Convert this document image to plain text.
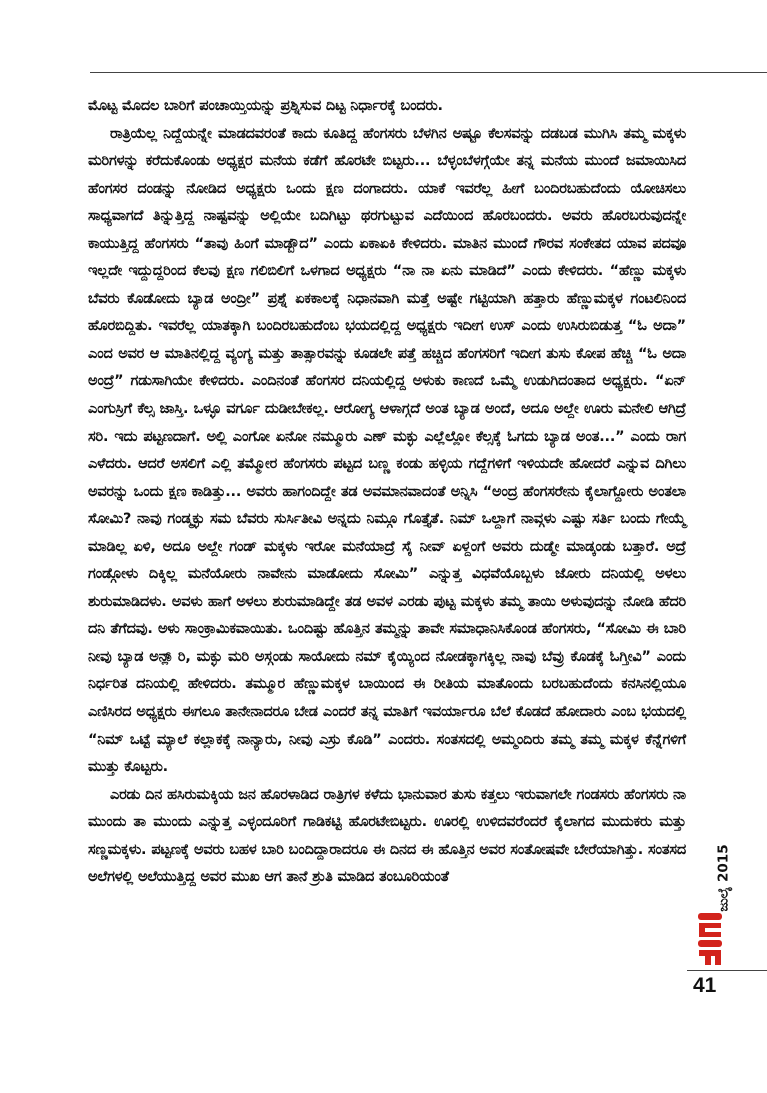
ಮೊಟ್ಟ ಮೊದಲ ಬಾರಿಗೆ ಪಂಚಾಯ್ತಿಯನ್ನು ಪ್ರಶ್ನಿಸುವ ದಿಟ್ಟ ನಿರ್ಧಾರಕ್ಕೆ ಬಂದರು.

ರಾತ್ರಿಯೆಲ್ಲ ನಿದ್ದೆಯನ್ನೇ ಮಾಡದವರಂತೆ ಕಾದು ಕೂತಿದ್ದ ಹೆಂಗಸರು ಬೆಳಗಿನ ಅಷ್ಟೂ ಕೆಲಸವನ್ನು ದಡಬಡ ಮುಗಿಸಿ ತಮ್ಮ ಮಕ್ಕಳು ಮರಿಗಳನ್ನು ಕರೆದುಕೊಂಡು ಅಧ್ಯಕ್ಷರ ಮನೆಯ ಕಡೆಗೆ ಹೊರಟೇ ಬಿಟ್ಟರು... ಬೆಳ್ಳಂಬೆಳಗ್ಗೆಯೇ ತನ್ನ ಮನೆಯ ಮುಂದೆ ಜಮಾಯಿಸಿದ ಹೆಂಗಸರ ದಂಡನ್ನು ನೋಡಿದ ಅಧ್ಯಕ್ಷರು ಒಂದು ಕ್ಷಣ ದಂಗಾದರು. ಯಾಕೆ ಇವರೆಲ್ಲ ಹೀಗೆ ಬಂದಿರಬಹುದೆಂದು ಯೋಚಿಸಲು ಸಾಧ್ಯವಾಗದೆ ತಿನ್ನುತ್ತಿದ್ದ ನಾಷ್ಟವನ್ನು ಅಲ್ಲಿಯೇ ಬದಿಗಿಟ್ಟು ಥರಗುಟ್ಟುವ ಎದೆಯಿಂದ ಹೊರಬಂದರು. ಅವರು ಹೊರಬರುವುದನ್ನೇ ಕಾಯುತ್ತಿದ್ದ ಹೆಂಗಸರು “ತಾವು ಹಿಂಗೆ ಮಾಡ್ಬೌದ” ಎಂದು ಏಕಾಏಕಿ ಕೇಳಿದರು. ಮಾತಿನ ಮುಂದೆ ಗೌರವ ಸಂಕೇತದ ಯಾವ ಪದವೂ ಇಲ್ಲದೇ ಇದ್ದುದ್ದರಿಂದ ಕೆಲವು ಕ್ಷಣ ಗಲಿಬಿಲಿಗೆ ಒಳಗಾದ ಅಧ್ಯಕ್ಷರು “ನಾ ನಾ ಏನು ಮಾಡಿದೆ” ಎಂದು ಕೇಳಿದರು. “ಹೆಣ್ಣು ಮಕ್ಕಳು ಬೆವರು ಕೊಡೋದು ಬ್ಯಾಡ ಅಂದ್ರೀ” ಪ್ರಶ್ನೆ ಏಕಕಾಲಕ್ಕೆ ನಿಧಾನವಾಗಿ ಮತ್ತೆ ಅಷ್ಟೇ ಗಟ್ಟಿಯಾಗಿ ಹತ್ತಾರು ಹೆಣ್ಣುಮಕ್ಕಳ ಗಂಟಲಿನಿಂದ ಹೊರಬಿದ್ದಿತು. ಇವರೆಲ್ಲ ಯಾತಕ್ಕಾಗಿ ಬಂದಿರಬಹುದೆಂಬ ಭಯದಲ್ಲಿದ್ದ ಅಧ್ಯಕ್ಷರು ಇದೀಗ ಉಸ್ ಎಂದು ಉಸಿರುಬಿಡುತ್ತ “ಓ ಅದಾ” ಎಂದ ಅವರ ಆ ಮಾತಿನಲ್ಲಿದ್ದ ವ್ಯಂಗ್ಯ ಮತ್ತು ತಾತ್ಸಾರವನ್ನು ಕೂಡಲೇ ಪತ್ತೆ ಹಚ್ಚಿದ ಹೆಂಗಸರಿಗೆ ಇದೀಗ ತುಸು ಕೋಪ ಹೆಚ್ಚಿ “ಓ ಅದಾ ಅಂದ್ರೆ” ಗಡುಸಾಗಿಯೇ ಕೇಳಿದರು. ಎಂದಿನಂತೆ ಹೆಂಗಸರ ದನಿಯಲ್ಲಿದ್ದ ಅಳುಕು ಕಾಣದೆ ಒಮ್ಮೆ ಉಡುಗಿದಂತಾದ ಅಧ್ಯಕ್ಷರು. “ಏನ್ ಎಂಗುಸ್ರಿಗೆ ಕೆಲ್ಸ ಜಾಸ್ತಿ. ಒಳ್ಳೂ ವರ್ಗೂ ದುಡೀಬೇಕಲ್ಲ. ಆರೋಗ್ಯ ಆಳಾಗ್ಗದೆ ಅಂತ ಬ್ಯಾಡ ಅಂದೆ, ಅದೂ ಅಲ್ದೇ ಊರು ಮನೇಲಿ ಆಗಿದ್ರೆ ಸರಿ. ಇದು ಪಟ್ಟಣದಾಗೆ. ಅಲ್ಲಿ ಎಂಗೋ ಏನೋ ನಮ್ಮೂರು ಎಣ್ ಮಕ್ಳು ಎಲ್ಲೆಲ್ಲೋ ಕೆಲ್ಸಕ್ಕೆ ಓಗದು ಬ್ಯಾಡ ಅಂತ...” ಎಂದು ರಾಗ ಎಳೆದರು. ಆದರೆ ಅಸಲಿಗೆ ಎಲ್ಲಿ ತಮ್ಮೋರ ಹೆಂಗಸರು ಪಟ್ಟದ ಬಣ್ಣ ಕಂಡು ಹಳ್ಳಿಯ ಗದ್ದೆಗಳಿಗೆ ಇಳಿಯದೇ ಹೋದರೆ ಎನ್ನುವ ದಿಗಿಲು ಅವರನ್ನು ಒಂದು ಕ್ಷಣ ಕಾಡಿತ್ತು... ಅವರು ಹಾಗಂದಿದ್ದೇ ತಡ ಅವಮಾನವಾದಂತೆ ಅನ್ನಿಸಿ “ಅಂದ್ರ ಹೆಂಗಸರೇನು ಕೈಲಾಗ್ದೋರು ಅಂತಲಾ ಸೋಮಿ? ನಾವು ಗಂಡ್ಮಕ್ಳು ಸಮ ಬೆವರು ಸುರ್ಸಿತೀವಿ ಅನ್ನದು ನಿಮ್ಗೂ ಗೊತ್ತೈತೆ. ನಿಮ್ ಒಲ್ದಾಗೆ ನಾವ್ಗಳು ಎಷ್ಟು ಸರ್ತಿ ಬಂದು ಗೇಯ್ಮೆ ಮಾಡಿಲ್ಲ ಏಳಿ, ಅದೂ ಅಲ್ದೇ ಗಂಡ್ ಮಕ್ಕಳು ಇರೋ ಮನೆಯಾದ್ರೆ ಸೈ ನೀವ್ ಏಳ್ದಂಗೆ ಅವರು ದುಡ್ಮೇ ಮಾಡ್ಕಂಡು ಬತ್ತಾರೆ. ಅದ್ರೆ ಗಂಡ್ಗೋಳು ದಿಕ್ಕಿಲ್ಲ ಮನೆಯೋರು ನಾವೇನು ಮಾಡೋದು ಸೋಮಿ” ಎನ್ನುತ್ತ ವಿಧವೆಯೊಬ್ಬಳು ಜೋರು ದನಿಯಲ್ಲಿ ಅಳಲು ಶುರುಮಾಡಿದಳು. ಅವಳು ಹಾಗೆ ಅಳಲು ಶುರುಮಾಡಿದ್ದೇ ತಡ ಅವಳ ಎರಡು ಪುಟ್ಟ ಮಕ್ಕಳು ತಮ್ಮ ತಾಯಿ ಅಳುವುದನ್ನು ನೋಡಿ ಹೆದರಿ ದನಿ ತೆಗೆದವು. ಅಳು ಸಾಂಕ್ರಾಮಿಕವಾಯಿತು. ಒಂದಿಷ್ಟು ಹೊತ್ತಿನ ತಮ್ಮನ್ನು ತಾವೇ ಸಮಾಧಾನಿಸಿಕೊಂಡ ಹೆಂಗಸರು, “ಸೋಮಿ ಈ ಬಾರಿ ನೀವು ಬ್ಯಾಡ ಅನ್ಲಾ್ರಿ, ಮಕ್ಳು ಮರಿ ಅಸ್ಗಂಡು ಸಾಯೋದು ನಮ್ ಕೈಯ್ಯಿಂದ ನೋಡಕ್ಕಾಗಕ್ಕಿಲ್ಲ ನಾವು ಬೆವ್ರು ಕೊಡಕ್ಕೆ ಓಗ್ತೀವಿ” ಎಂದು ನಿರ್ಧರಿತ ದನಿಯಲ್ಲಿ ಹೇಳಿದರು. ತಮ್ಮೂರ ಹೆಣ್ಣುಮಕ್ಕಳ ಬಾಯಿಂದ ಈ ರೀತಿಯ ಮಾತೊಂದು ಬರಬಹುದೆಂದು ಕನಸಿನಲ್ಲಿಯೂ ಎಣಿಸಿರದ ಅಧ್ಯಕ್ಷರು ಈಗಲೂ ತಾನೇನಾದರೂ ಬೇಡ ಎಂದರೆ ತನ್ನ ಮಾತಿಗೆ ಇವರ್ಯಾರೂ ಬೆಲೆ ಕೊಡದೆ ಹೋದಾರು ಎಂಬ ಭಯದಲ್ಲಿ “ನಿಮ್ ಒಟ್ಟೆ ಮ್ಯಾಲೆ ಕಲ್ಲಾಕಕ್ಕೆ ನಾನ್ಯಾರು, ನೀವು ಎಸ್ರು ಕೊಡಿ” ಎಂದರು. ಸಂತಸದಲ್ಲಿ ಅಮ್ಮಂದಿರು ತಮ್ಮ ತಮ್ಮ ಮಕ್ಕಳ ಕೆನ್ನೆಗಳಿಗೆ ಮುತ್ತು ಕೊಟ್ಟರು.

ಎರಡು ದಿನ ಹಸಿರುಮಕ್ಕಿಯ ಜನ ಹೊರಳಾಡಿದ ರಾತ್ರಿಗಳ ಕಳೆದು ಭಾನುವಾರ ತುಸು ಕತ್ತಲು ಇರುವಾಗಲೇ ಗಂಡಸರು ಹೆಂಗಸರು ನಾ ಮುಂದು ತಾ ಮುಂದು ಎನ್ನುತ್ತ ಎಳ್ಳಂದೂರಿಗೆ ಗಾಡಿಕಟ್ಟಿ ಹೊರಟೇಬಿಟ್ಟರು. ಊರಲ್ಲಿ ಉಳಿದವರೆಂದರೆ ಕೈಲಾಗದ ಮುದುಕರು ಮತ್ತು ಸಣ್ಣಮಕ್ಕಳು. ಪಟ್ಟಣಕ್ಕೆ ಅವರು ಬಹಳ ಬಾರಿ ಬಂದಿದ್ದಾರಾದರೂ ಈ ದಿನದ ಈ ಹೊತ್ತಿನ ಅವರ ಸಂತೋಷವೇ ಬೇರೆಯಾಗಿತ್ತು. ಸಂತಸದ ಅಲೆಗಳಲ್ಲಿ ಅಲೆಯುತ್ತಿದ್ದ ಅವರ ಮುಖ ಆಗ ತಾನೆ ಶ್ರುತಿ ಮಾಡಿದ ತಂಬೂರಿಯಂತೆ	ಜುಲೈ 2015
41
